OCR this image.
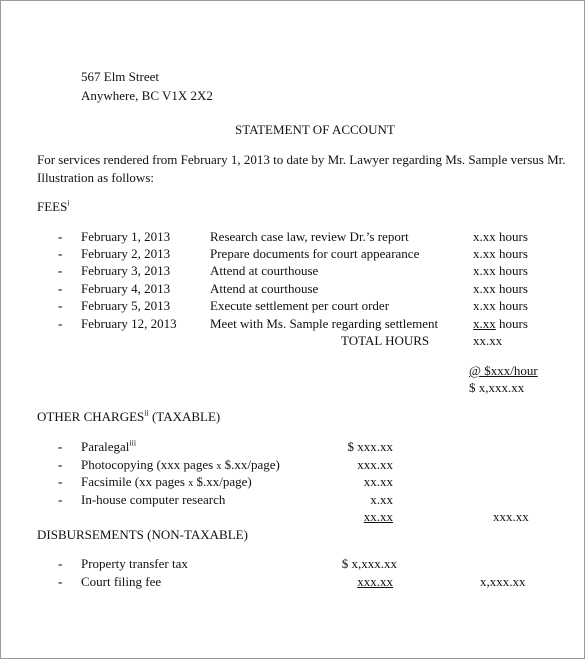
567 Elm Street
Anywhere, BC V1X 2X2
STATEMENT OF ACCOUNT
For services rendered from February 1, 2013 to date by Mr. Lawyer regarding Ms. Sample versus Mr.
Illustration as follows:
FEES$^i$
- February 1, 2013	Research case law, review Dr.’s report	x.xx hours
- February 2, 2013	Prepare documents for court appearance	x.xx hours
- February 3, 2013	Attend at courthouse	x.xx hours
- February 4, 2013	Attend at courthouse	x.xx hours
- February 5, 2013	Execute settlement per court order	x.xx hours
- February 12, 2013	Meet with Ms. Sample regarding settlement	x.xx hours
TOTAL HOURS	xx.xx
@ $xxx/hour
$ x,xxx.xx
OTHER CHARGES$^{ii}$ (TAXABLE)
- Paralegal$^{iii}$	$ xxx.xx
- Photocopying (xxx pages x $.xx/page)	xxx.xx
- Facsimile (xx pages x $.xx/page)	xx.xx
- In-house computer research	x.xx
xx.xx	xxx.xx
DISBURSEMENTS (NON-TAXABLE)
- Property transfer tax	$ x,xxx.xx
- Court filing fee	xxx.xx	x,xxx.xx
